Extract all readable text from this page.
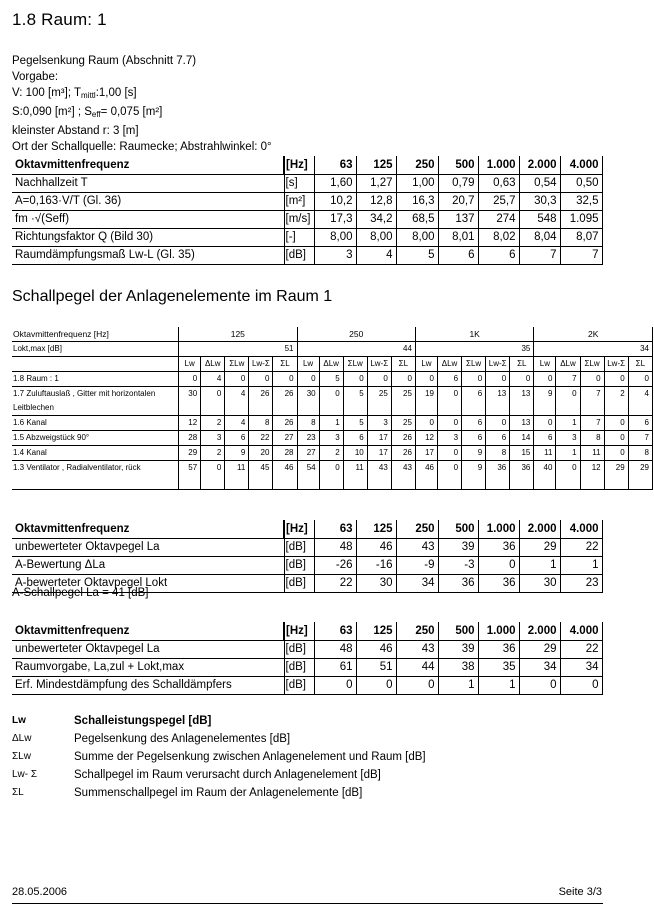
1.8 Raum: 1
Pegelsenkung Raum (Abschnitt 7.7)
Vorgabe:
V: 100 [m³]; $T_{mittl}:1,00$ [s]
S:0,090 [m²] ; $S_{eff}= 0,075$ [m²]
kleinster Abstand r: 3 [m]
Ort der Schallquelle: Raumecke; Abstrahlwinkel: 0°
Oktavmittenfrequenz	[Hz]	63	125	250	500	1.000	2.000	4.000
Nachhallzeit T	[s]	1,60	1,27	1,00	0,79	0,63	0,54	0,50
A=0,163·V/T (Gl. 36)	[m²]	10,2	12,8	16,3	20,7	25,7	30,3	32,5
fm ·√(Seff)	[m/s]	17,3	34,2	68,5	137	274	548	1.095
Richtungsfaktor Q (Bild 30)	[-]	8,00	8,00	8,00	8,01	8,02	8,04	8,07
Raumdämpfungsmaß Lw-L (Gl. 35)	[dB]	3	4	5	6	6	7	7
Schallpegel der Anlagenelemente im Raum 1
Oktavmittenfrequenz [Hz]	125					250					1K					2K				
Lokt,max [dB]	51					44					35					34				
	Lw	ΔLw	ΣLw	Lw-Σ	ΣL	Lw	ΔLw	ΣLw	Lw-Σ	ΣL	Lw	ΔLw	ΣLw	Lw-Σ	ΣL	Lw	ΔLw	ΣLw	Lw-Σ	ΣL
1.8 Raum : 1	0	4	0	0	0	0	5	0	0	0	0	6	0	0	0	0	7	0	0	0
1.7 Zuluftauslaß , Gitter mit horizontalen Leitblechen	30	0	4	26	26	30	0	5	25	25	19	0	6	13	13	9	0	7	2	4
1.6 Kanal	12	2	4	8	26	8	1	5	3	25	0	0	6	0	13	0	1	7	0	6
1.5 Abzweigstück 90°	28	3	6	22	27	23	3	6	17	26	12	3	6	6	14	6	3	8	0	7
1.4 Kanal	29	2	9	20	28	27	2	10	17	26	17	0	9	8	15	11	1	11	0	8
1.3 Ventilator , Radialventilator, rück	57	0	11	45	46	54	0	11	43	43	46	0	9	36	36	40	0	12	29	29
Oktavmittenfrequenz	[Hz]	63	125	250	500	1.000	2.000	4.000
unbewerteter Oktavpegel La	[dB]	48	46	43	39	36	29	22
A-Bewertung ΔLa	[dB]	-26	-16	-9	-3	0	1	1
A-bewerteter Oktavpegel Lokt	[dB]	22	30	34	36	36	30	23
A-Schallpegel La = 41 [dB]
Oktavmittenfrequenz	[Hz]	63	125	250	500	1.000	2.000	4.000
unbewerteter Oktavpegel La	[dB]	48	46	43	39	36	29	22
Raumvorgabe, La,zul + Lokt,max	[dB]	61	51	44	38	35	34	34
Erf. Mindestdämpfung des Schalldämpfers	[dB]	0	0	0	1	1	0	0
Lw	Schalleistungspegel [dB]
ΔLw	Pegelsenkung des Anlagenelementes [dB]
ΣLw	Summe der Pegelsenkung zwischen Anlagenelement und Raum [dB]
Lw- Σ	Schallpegel im Raum verursacht durch Anlagenelement [dB]
ΣL	Summenschallpegel im Raum der Anlagenelemente [dB]
28.05.2006	Seite 3/3
